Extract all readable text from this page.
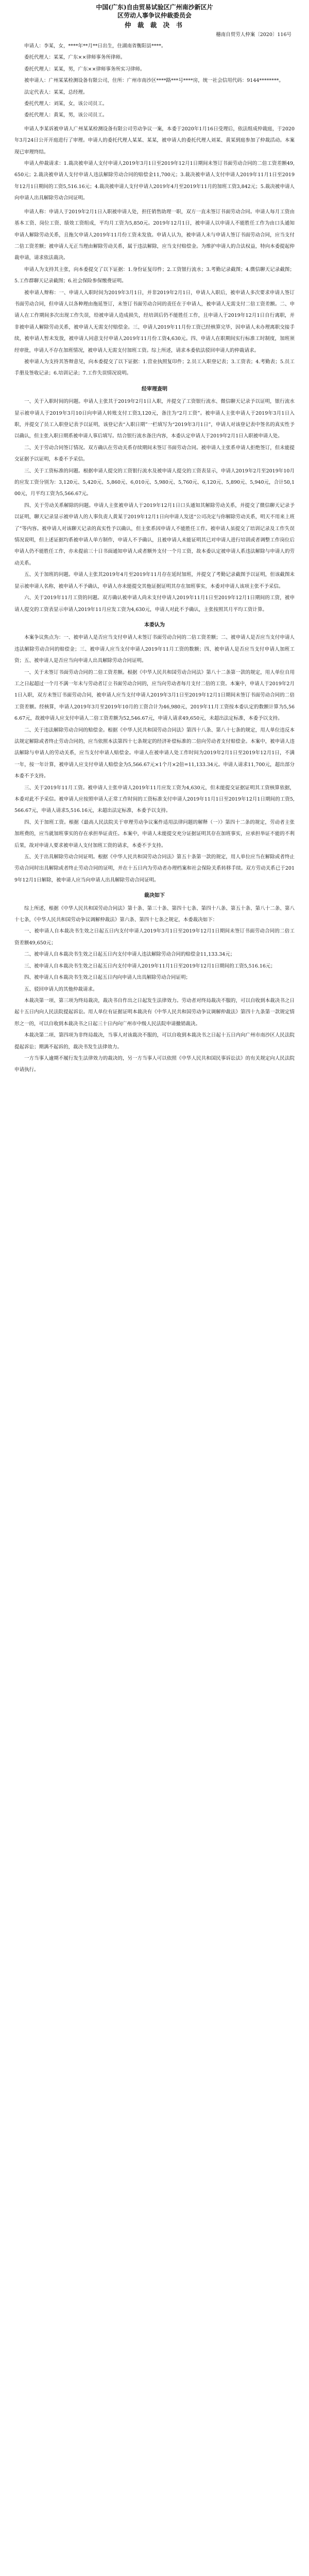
中国(广东)自由贸易试验区广州南沙新区片
区劳动人事争议仲裁委员会
仲 裁 裁 决 书
穗南自贸劳人仲案〔2020〕116号

申请人：李某，女，****年**月**日出生，住湖南省衡阳县****。

委托代理人：某某，广东××律师事务所律师。

委托代理人：某某，男，广东××律师事务所实习律师。

被申请人：广州某某检测设备有限公司，住所：广州市南沙区****路***号****房，统一社会信用代码：9144********。

法定代表人：某某，总经理。

委托代理人：刘某，女，该公司员工。

委托代理人：黄某，男，该公司员工。

申请人李某诉被申请人广州某某检测设备有限公司劳动争议一案，本委于2020年1月16日受理后，依法组成仲裁庭，于2020年3月24日公开开庭进行了审理。申请人的委托代理人某某、某某，被申请人的委托代理人刘某、黄某到庭参加了仲裁活动。本案现已审理终结。

申请人仲裁请求：1.裁决被申请人支付申请人2019年3月1日至2019年12月1日期间未签订书面劳动合同的二倍工资差额49,650元；2.裁决被申请人支付申请人违法解除劳动合同的赔偿金11,700元；3.裁决被申请人支付申请人2019年11月1日至2019年12月1日期间的工资5,516.16元；4.裁决被申请人支付申请人2019年4月至2019年11月的加班工资3,842元；5.裁决被申请人向申请人出具解除劳动合同证明。

申请人称：申请人于2019年2月1日入职被申请人处，担任销售助理一职，双方一直未签订书面劳动合同。申请人每月工资由基本工资、岗位工资、绩效工资组成，平均月工资为5,850元。2019年12月1日，被申请人以申请人不能胜任工作为由口头通知申请人解除劳动关系，且拖欠申请人2019年11月份工资未发放。申请人认为，被申请人未与申请人签订书面劳动合同，应当支付二倍工资差额；被申请人无正当理由解除劳动关系，属于违法解除，应当支付赔偿金。为维护申请人的合法权益，特向本委提起仲裁申请，请求依法裁决。

申请人为支持其主张，向本委提交了以下证据：1.身份证复印件；2.工资银行流水；3.考勤记录截图；4.微信聊天记录截图；5.工作群聊天记录截图；6.社会保险参保缴费证明。

被申请人辩称：一、申请人入职时间为2019年3月1日，并非2019年2月1日，申请人入职后，被申请人多次要求申请人签订书面劳动合同，但申请人以各种理由拖延签订，未签订书面劳动合同的责任在于申请人，被申请人无需支付二倍工资差额。二、申请人在工作期间多次出现工作失误，给被申请人造成损失，经培训后仍不能胜任工作，且申请人于2019年12月1日自行离职，并非被申请人解除劳动关系，被申请人无需支付赔偿金。三、申请人2019年11月份工资已经核算完毕，因申请人未办理离职交接手续，被申请人暂未发放，被申请人同意支付申请人2019年11月份工资4,630元。四、申请人在职期间实行标准工时制度，加班须经审批，申请人不存在加班情况，被申请人无需支付加班工资。综上所述，请求本委依法驳回申请人的仲裁请求。

被申请人为支持其答辩意见，向本委提交了以下证据：1.营业执照复印件；2.员工入职登记表；3.工资表；4.考勤表；5.员工手册及签收记录；6.培训记录；7.工作失误情况说明。

经审理查明

一、关于入职时间的问题。申请人主张其于2019年2月1日入职，并提交了工资银行流水、微信聊天记录予以证明，银行流水显示被申请人于2019年3月10日向申请人转账支付工资3,120元，备注为“2月工资”。被申请人主张申请人于2019年3月1日入职，并提交了员工入职登记表予以证明，该登记表“入职日期”一栏填写为“2019年3月1日”，申请人对该登记表中签名的真实性予以确认，但主张入职日期系被申请人事后填写。结合银行流水备注内容，本委认定申请人于2019年2月1日入职被申请人处。

二、关于劳动合同签订情况。双方确认在劳动关系存续期间未签订书面劳动合同。被申请人主张系申请人拒绝签订，但未能提交证据予以证明，本委不予采信。

三、关于工资标准的问题。根据申请人提交的工资银行流水及被申请人提交的工资表显示，申请人2019年2月至2019年10月的应发工资分别为：3,120元、5,420元、5,860元、6,010元、5,980元、5,760元、6,120元、5,890元、5,940元，合计50,100元，月平均工资为5,566.67元。

四、关于劳动关系解除的问题。申请人主张被申请人于2019年12月1日口头通知其解除劳动关系，并提交了微信聊天记录予以证明，聊天记录显示被申请人的人事负责人黄某于2019年12月1日向申请人发送“公司决定与你解除劳动关系，明天不用来上班了”等内容。被申请人对该聊天记录的真实性予以确认，但主张系因申请人不能胜任工作。被申请人虽提交了培训记录及工作失误情况说明，但上述证据均系被申请人单方制作，申请人不予确认，且被申请人未能证明其已对申请人进行培训或者调整工作岗位后申请人仍不能胜任工作，亦未提前三十日书面通知申请人或者额外支付一个月工资，故本委认定被申请人系违法解除与申请人的劳动关系。

五、关于加班的问题。申请人主张其2019年4月至2019年11月存在延时加班，并提交了考勤记录截图予以证明，但该截图未显示被申请人名称，被申请人不予确认，申请人亦未能提交其他证据证明其存在加班事实，本委对申请人该项主张不予采信。

六、关于2019年11月工资的问题。双方确认被申请人尚未支付申请人2019年11月1日至2019年12月1日期间的工资，被申请人提交的工资表显示申请人2019年11月应发工资为4,630元，申请人对此不予确认，主张按照其月平均工资计算。

本委认为

本案争议焦点为：一、被申请人是否应当支付申请人未签订书面劳动合同的二倍工资差额；二、被申请人是否应当支付申请人违法解除劳动合同的赔偿金；三、被申请人应当支付申请人2019年11月工资的数额；四、被申请人是否应当支付申请人加班工资；五、被申请人是否应当向申请人出具解除劳动合同证明。

一、关于未签订书面劳动合同的二倍工资差额。根据《中华人民共和国劳动合同法》第八十二条第一款的规定，用人单位自用工之日起超过一个月不满一年未与劳动者订立书面劳动合同的，应当向劳动者每月支付二倍的工资。本案中，申请人于2019年2月1日入职，双方未签订书面劳动合同，被申请人应当支付申请人2019年3月1日至2019年12月1日期间未签订书面劳动合同的二倍工资差额。经核算，申请人2019年3月至2019年10月的工资合计为46,980元，2019年11月工资按本委认定的数额计算为5,566.67元，故被申请人应支付申请人二倍工资差额为52,546.67元，申请人请求49,650元，未超出法定标准，本委予以支持。

二、关于违法解除劳动合同的赔偿金。根据《中华人民共和国劳动合同法》第四十八条、第八十七条的规定，用人单位违反本法规定解除或者终止劳动合同的，应当依照本法第四十七条规定的经济补偿标准的二倍向劳动者支付赔偿金。本案中，被申请人违法解除与申请人的劳动关系，应当支付申请人赔偿金。申请人在被申请人处工作时间为2019年2月1日至2019年12月1日，不满一年，按一年计算，被申请人应支付申请人赔偿金为5,566.67元×1个月×2倍=11,133.34元。申请人请求11,700元，超出部分本委不予支持。

三、关于2019年11月工资。被申请人主张申请人2019年11月应发工资为4,630元，但未能提交证据证明其工资核算依据，本委对此不予采信。被申请人应按照申请人正常工作时间的工资标准支付申请人2019年11月1日至2019年12月1日期间的工资5,566.67元，申请人请求5,516.16元，未超出法定标准，本委予以支持。

四、关于加班工资。根据《最高人民法院关于审理劳动争议案件适用法律问题的解释（一）》第四十二条的规定，劳动者主张加班费的，应当就加班事实的存在承担举证责任。本案中，申请人未能提交充分证据证明其存在加班事实，应承担举证不能的不利后果，故对申请人要求被申请人支付加班工资的请求，本委不予支持。

五、关于出具解除劳动合同证明。根据《中华人民共和国劳动合同法》第五十条第一款的规定，用人单位应当在解除或者终止劳动合同时出具解除或者终止劳动合同的证明，并在十五日内为劳动者办理档案和社会保险关系转移手续。双方劳动关系已于2019年12月1日解除，被申请人应当向申请人出具解除劳动合同证明。

裁决如下

综上所述，根据《中华人民共和国劳动合同法》第十条、第三十条、第四十七条、第四十八条、第五十条、第八十二条、第八十七条，《中华人民共和国劳动争议调解仲裁法》第六条、第四十七条之规定，本委裁决如下：

一、被申请人自本裁决书生效之日起五日内支付申请人2019年3月1日至2019年12月1日期间未签订书面劳动合同的二倍工资差额49,650元；

二、被申请人自本裁决书生效之日起五日内支付申请人违法解除劳动合同的赔偿金11,133.34元；

三、被申请人自本裁决书生效之日起五日内支付申请人2019年11月1日至2019年12月1日期间的工资5,516.16元；

四、被申请人自本裁决书生效之日起五日内向申请人出具解除劳动合同证明；

五、驳回申请人的其他仲裁请求。

本裁决第一项、第三项为终局裁决，裁决书自作出之日起发生法律效力。劳动者对终局裁决不服的，可以自收到本裁决书之日起十五日内向人民法院提起诉讼。用人单位有证据证明本裁决有《中华人民共和国劳动争议调解仲裁法》第四十九条第一款规定情形之一的，可以自收到本裁决书之日起三十日内向广州市中级人民法院申请撤销裁决。

本裁决第二项、第四项为非终局裁决，当事人对该裁决不服的，可以自收到本裁决书之日起十五日内向广州市南沙区人民法院提起诉讼；期满不起诉的，裁决书发生法律效力。

一方当事人逾期不履行发生法律效力的裁决的，另一方当事人可以依照《中华人民共和国民事诉讼法》的有关规定向人民法院申请执行。
